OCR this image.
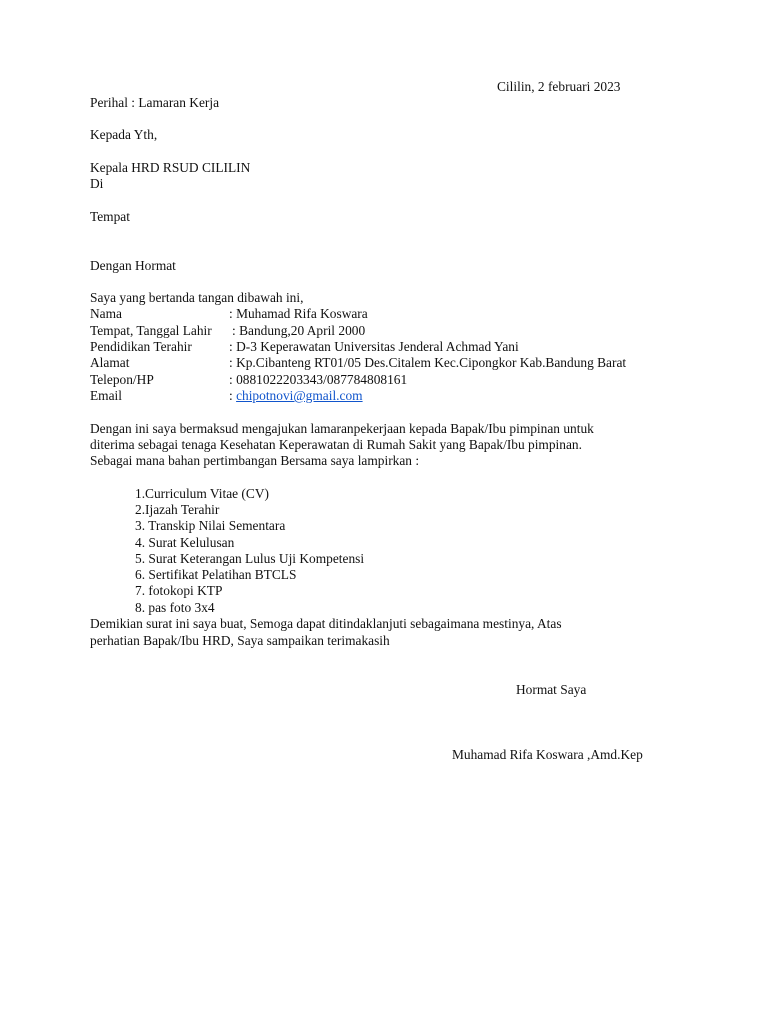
Cililin, 2 februari 2023
Perihal : Lamaran Kerja
Kepada Yth,
Kepala HRD RSUD CILILIN
Di
Tempat
Dengan Hormat
Saya yang bertanda tangan dibawah ini,
Nama	: Muhamad Rifa Koswara
Tempat, Tanggal Lahir : Bandung,20 April 2000
Pendidikan Terahir	: D-3 Keperawatan Universitas Jenderal Achmad Yani
Alamat	: Kp.Cibanteng RT01/05 Des.Citalem Kec.Cipongkor Kab.Bandung Barat
Telepon/HP	: 0881022203343/087784808161
Email	: chipotnovi@gmail.com
Dengan ini saya bermaksud mengajukan lamaranpekerjaan kepada Bapak/Ibu pimpinan untuk
diterima sebagai tenaga Kesehatan Keperawatan di Rumah Sakit yang Bapak/Ibu pimpinan.
Sebagai mana bahan pertimbangan Bersama saya lampirkan :
1.Curriculum Vitae (CV)
2.Ijazah Terahir
3. Transkip Nilai Sementara
4. Surat Kelulusan
5. Surat Keterangan Lulus Uji Kompetensi
6. Sertifikat Pelatihan BTCLS
7. fotokopi KTP
8. pas foto 3x4
Demikian surat ini saya buat, Semoga dapat ditindaklanjuti sebagaimana mestinya, Atas
perhatian Bapak/Ibu HRD, Saya sampaikan terimakasih
Hormat Saya
Muhamad Rifa Koswara ,Amd.Kep
